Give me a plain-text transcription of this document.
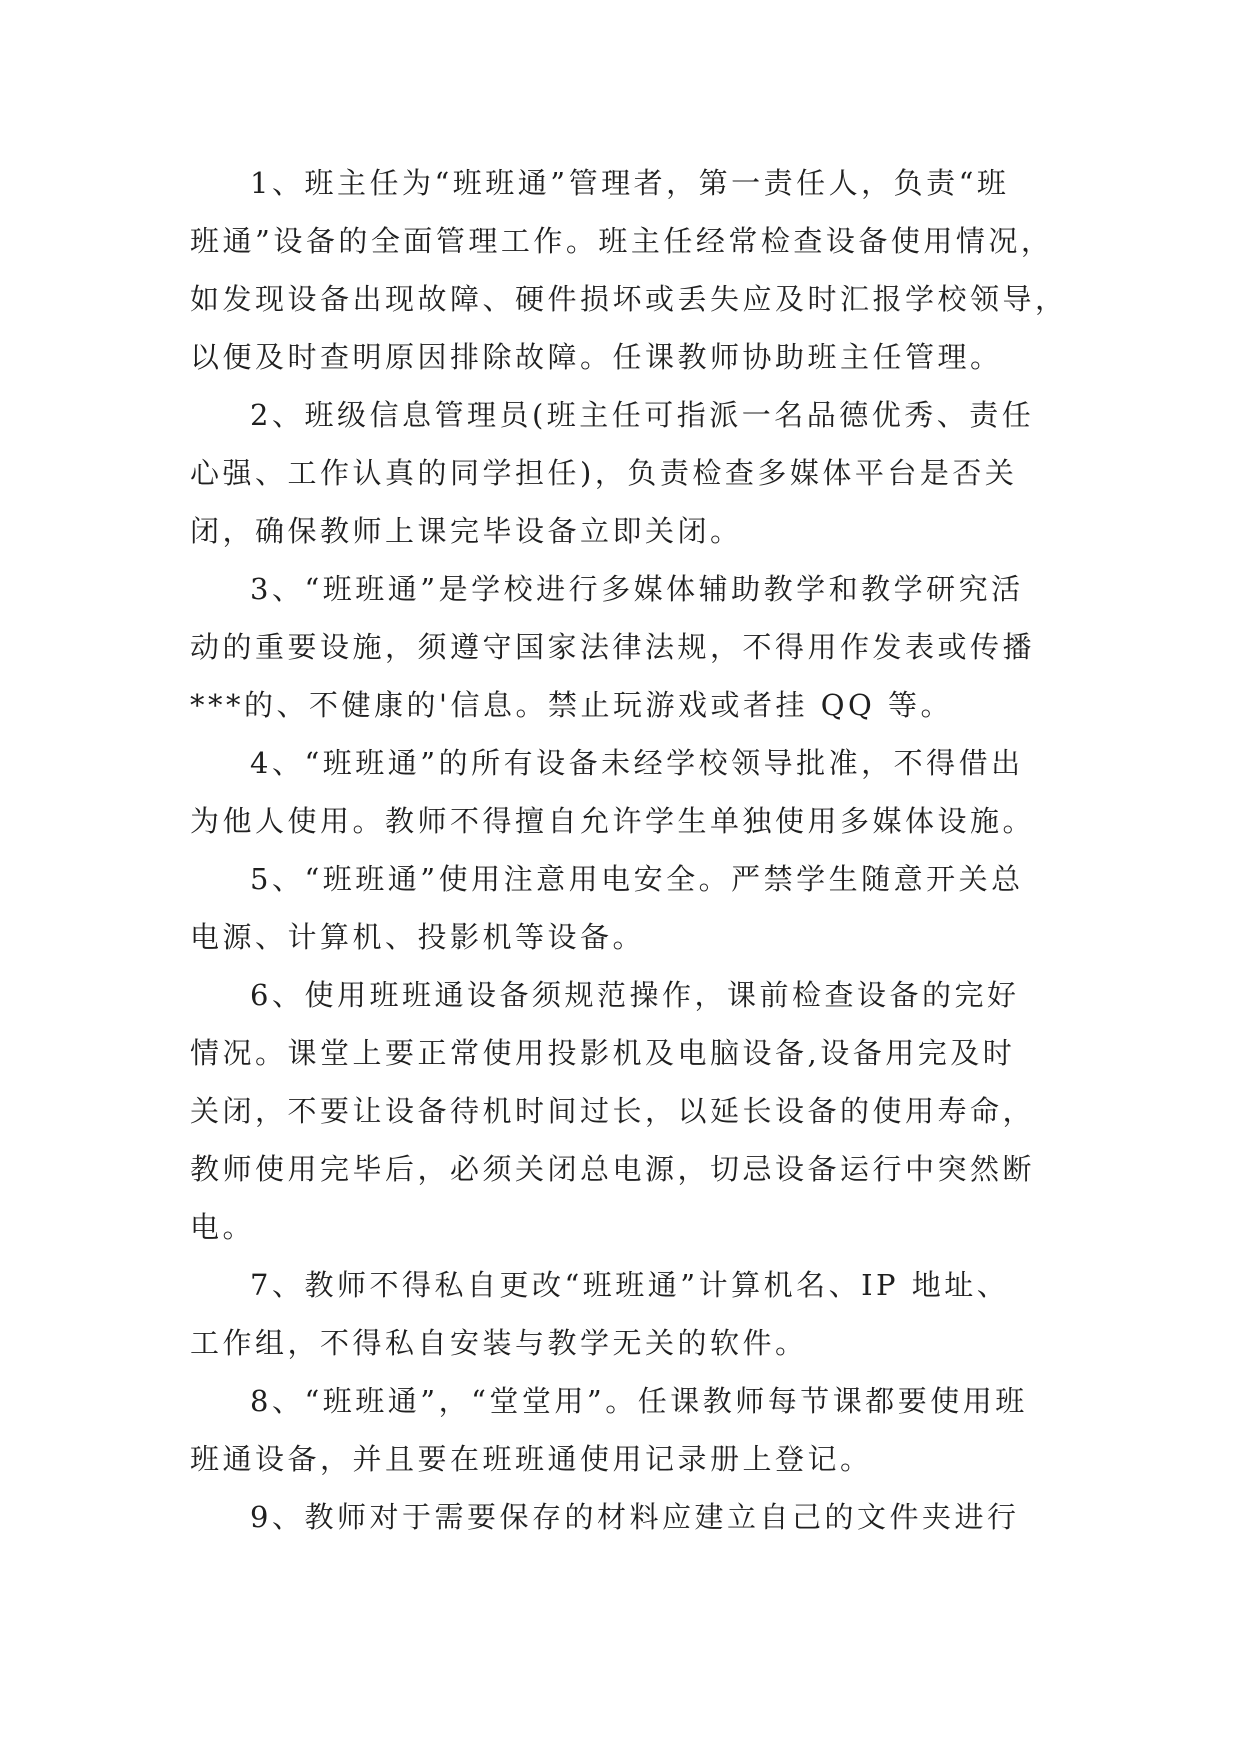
1、班主任为“班班通”管理者，第一责任人，负责“班
班通”设备的全面管理工作。班主任经常检查设备使用情况，
如发现设备出现故障、硬件损坏或丢失应及时汇报学校领导，
以便及时查明原因排除故障。任课教师协助班主任管理。
2、班级信息管理员(班主任可指派一名品德优秀、责任
心强、工作认真的同学担任)，负责检查多媒体平台是否关
闭，确保教师上课完毕设备立即关闭。
3、“班班通”是学校进行多媒体辅助教学和教学研究活
动的重要设施，须遵守国家法律法规，不得用作发表或传播
***的、不健康的'信息。禁止玩游戏或者挂 QQ 等。
4、“班班通”的所有设备未经学校领导批准，不得借出
为他人使用。教师不得擅自允许学生单独使用多媒体设施。
5、“班班通”使用注意用电安全。严禁学生随意开关总
电源、计算机、投影机等设备。
6、使用班班通设备须规范操作，课前检查设备的完好
情况。课堂上要正常使用投影机及电脑设备,设备用完及时
关闭，不要让设备待机时间过长，以延长设备的使用寿命，
教师使用完毕后，必须关闭总电源，切忌设备运行中突然断
电。
7、教师不得私自更改“班班通”计算机名、IP 地址、
工作组，不得私自安装与教学无关的软件。
8、“班班通”，“堂堂用”。任课教师每节课都要使用班
班通设备，并且要在班班通使用记录册上登记。
9、教师对于需要保存的材料应建立自己的文件夹进行
